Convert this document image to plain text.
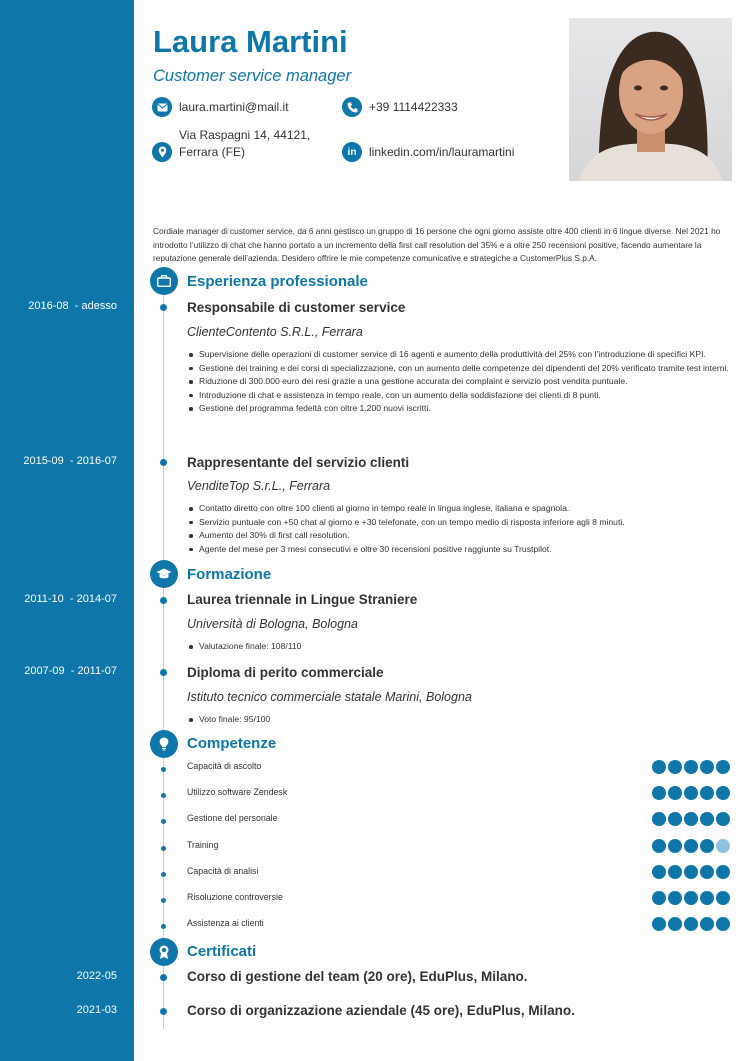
Laura Martini
Customer service manager
laura.martini@mail.it	+39 1114422333
Via Raspagni 14, 44121,
Ferrara (FE)	in linkedin.com/in/lauramartini
Cordiale manager di customer service, da 6 anni gestisco un gruppo di 16 persone che ogni giorno assiste oltre 400 clienti in 6 lingue diverse. Nel 2021 ho introdotto l’utilizzo di chat che hanno portato a un incremento della first call resolution del 35% e a oltre 250 recensioni positive, facendo aumentare la reputazione generale dell’azienda. Desidero offrire le mie competenze comunicative e strategiche a CustomerPlus S.p.A.
Esperienza professionale
2016-08  - adesso	Responsabile di customer service
ClienteContento S.R.L., Ferrara
Supervisione delle operazioni di customer service di 16 agenti e aumento della produttività del 25% con l’introduzione di specifici KPI.
Gestione dei training e dei corsi di specializzazione, con un aumento delle competenze dei dipendenti del 20% verificato tramite test interni.
Riduzione di 300.000 euro dei resi grazie a una gestione accurata dei complaint e servizio post vendita puntuale.
Introduzione di chat e assistenza in tempo reale, con un aumento della soddisfazione dei clienti di 8 punti.
Gestione del programma fedeltà con oltre 1.200 nuovi iscritti.
2015-09  - 2016-07	Rappresentante del servizio clienti
VenditeTop S.r.L., Ferrara
Contatto diretto con oltre 100 clienti al giorno in tempo reale in lingua inglese, italiana e spagnola.
Servizio puntuale con +50 chat al giorno e +30 telefonate, con un tempo medio di risposta inferiore agli 8 minuti.
Aumento del 30% di first call resolution.
Agente del mese per 3 mesi consecutivi e oltre 30 recensioni positive raggiunte su Trustpilot.
Formazione
2011-10  - 2014-07	Laurea triennale in Lingue Straniere
Università di Bologna, Bologna
Valutazione finale: 108/110
2007-09  - 2011-07	Diploma di perito commerciale
Istituto tecnico commerciale statale Marini, Bologna
Voto finale: 95/100
Competenze
Capacità di ascolto
Utilizzo software Zendesk
Gestione del personale
Training
Capacità di analisi
Risoluzione controversie
Assistenza ai clienti
Certificati
2022-05	Corso di gestione del team (20 ore), EduPlus, Milano.
2021-03	Corso di organizzazione aziendale (45 ore), EduPlus, Milano.
